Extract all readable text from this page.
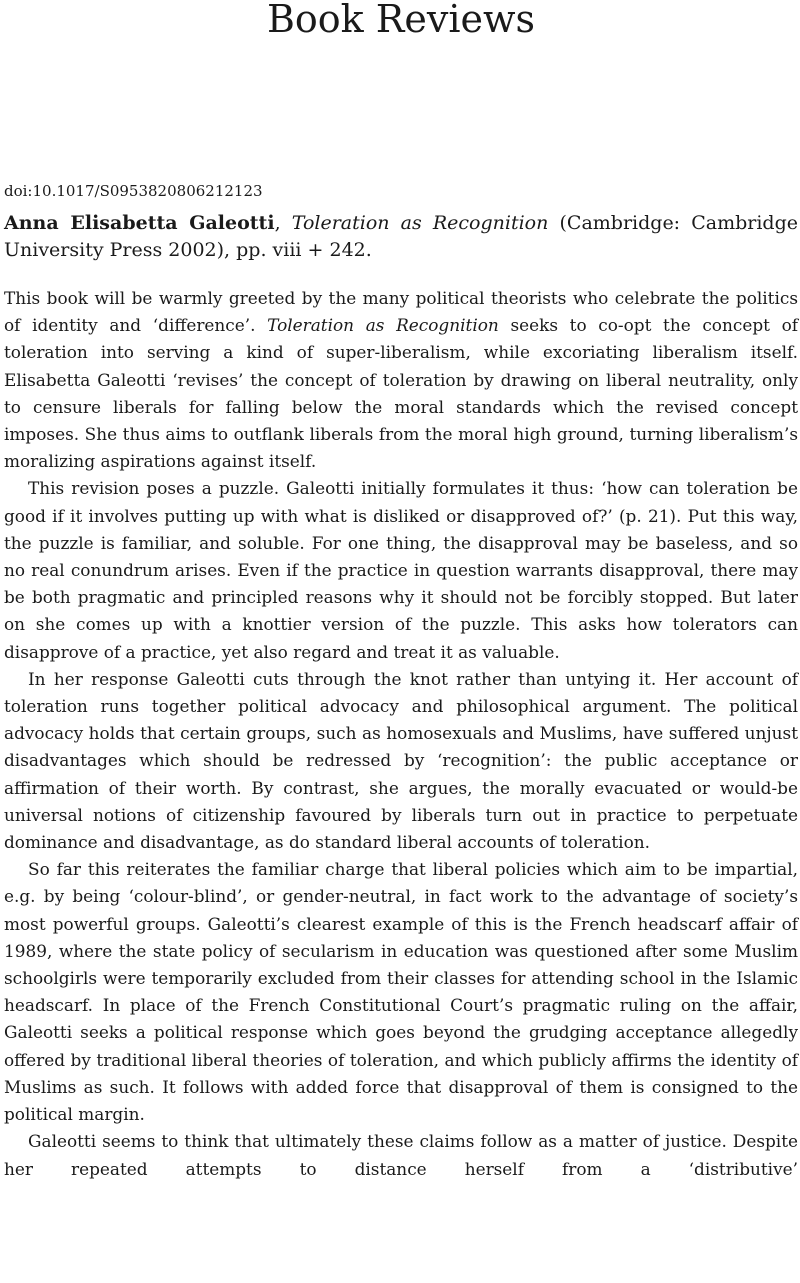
Book Reviews
doi:10.1017/S0953820806212123
Anna Elisabetta Galeotti, Toleration as Recognition (Cambridge: Cambridge University Press 2002), pp. viii + 242.

This book will be warmly greeted by the many political theorists who celebrate the politics of identity and ‘difference’. Toleration as Recognition seeks to co-opt the concept of toleration into serving a kind of super-liberalism, while excoriating liberalism itself. Elisabetta Galeotti ‘revises’ the concept of toleration by drawing on liberal neutrality, only to censure liberals for falling below the moral standards which the revised concept imposes. She thus aims to outflank liberals from the moral high ground, turning liberalism’s moralizing aspirations against itself.

This revision poses a puzzle. Galeotti initially formulates it thus: ‘how can toleration be good if it involves putting up with what is disliked or disapproved of?’ (p. 21). Put this way, the puzzle is familiar, and soluble. For one thing, the disapproval may be baseless, and so no real conundrum arises. Even if the practice in question warrants disapproval, there may be both pragmatic and principled reasons why it should not be forcibly stopped. But later on she comes up with a knottier version of the puzzle. This asks how tolerators can disapprove of a practice, yet also regard and treat it as valuable.

In her response Galeotti cuts through the knot rather than untying it. Her account of toleration runs together political advocacy and philosophical argument. The political advocacy holds that certain groups, such as homosexuals and Muslims, have suffered unjust disadvantages which should be redressed by ‘recognition’: the public acceptance or affirmation of their worth. By contrast, she argues, the morally evacuated or would-be universal notions of citizenship favoured by liberals turn out in practice to perpetuate dominance and disadvantage, as do standard liberal accounts of toleration.

So far this reiterates the familiar charge that liberal policies which aim to be impartial, e.g. by being ‘colour-blind’, or gender-neutral, in fact work to the advantage of society’s most powerful groups. Galeotti’s clearest example of this is the French headscarf affair of 1989, where the state policy of secularism in education was questioned after some Muslim schoolgirls were temporarily excluded from their classes for attending school in the Islamic headscarf. In place of the French Constitutional Court’s pragmatic ruling on the affair, Galeotti seeks a political response which goes beyond the grudging acceptance allegedly offered by traditional liberal theories of toleration, and which publicly affirms the identity of Muslims as such. It follows with added force that disapproval of them is consigned to the political margin.

Galeotti seems to think that ultimately these claims follow as a matter of justice. Despite her repeated attempts to distance herself from a ‘distributive’
